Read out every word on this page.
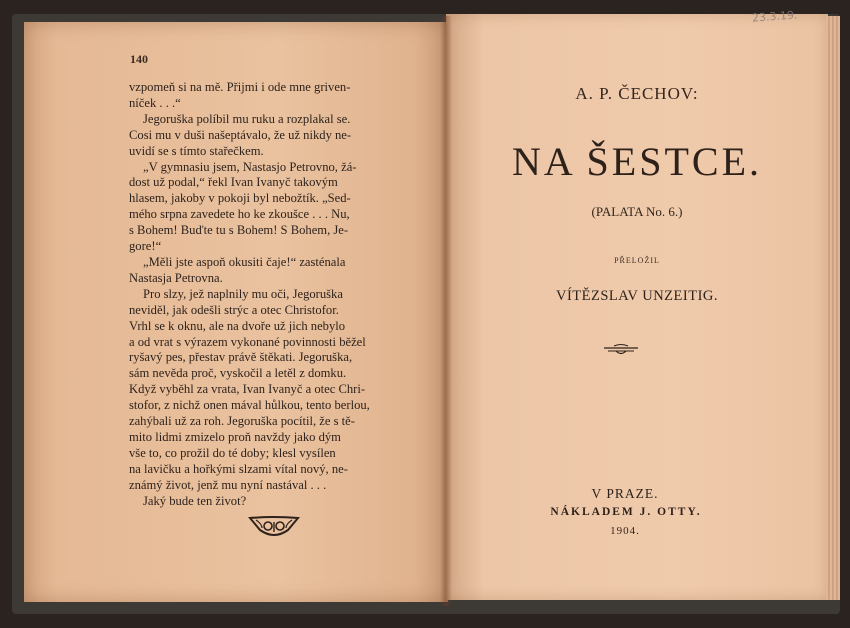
140
vzpomeň si na mě. Přijmi i ode mne griven-
níček . . .“
Jegoruška políbil mu ruku a rozplakal se.
Cosi mu v duši našeptávalo, že už nikdy ne-
uvidí se s tímto stařečkem.
„V gymnasiu jsem, Nastasjo Petrovno, žá-
dost už podal,“ řekl Ivan Ivanyč takovým
hlasem, jakoby v pokoji byl nebožtík. „Sed-
mého srpna zavedete ho ke zkoušce . . . Nu,
s Bohem! Buďte tu s Bohem! S Bohem, Je-
gore!“
„Měli jste aspoň okusiti čaje!“ zasténala
Nastasja Petrovna.
Pro slzy, jež naplnily mu oči, Jegoruška
neviděl, jak odešli strýc a otec Christofor.
Vrhl se k oknu, ale na dvoře už jich nebylo
a od vrat s výrazem vykonané povinnosti běžel
ryšavý pes, přestav právě štěkati. Jegoruška,
sám nevěda proč, vyskočil a letěl z domku.
Když vyběhl za vrata, Ivan Ivanyč a otec Chri-
stofor, z nichž onen mával hůlkou, tento berlou,
zahýbali už za roh. Jegoruška pocítil, že s tě-
mito lidmi zmizelo proň navždy jako dým
vše to, co prožil do té doby; klesl vysílen
na lavičku a hořkými slzami vítal nový, ne-
známý život, jenž mu nyní nastával . . .
Jaký bude ten život?
23.3.19.
A. P. ČECHOV:
NA ŠESTCE.
(PALATA No. 6.)
PŘELOŽIL
VÍTĚZSLAV UNZEITIG.
V PRAZE.
NÁKLADEM J. OTTY.
1904.
